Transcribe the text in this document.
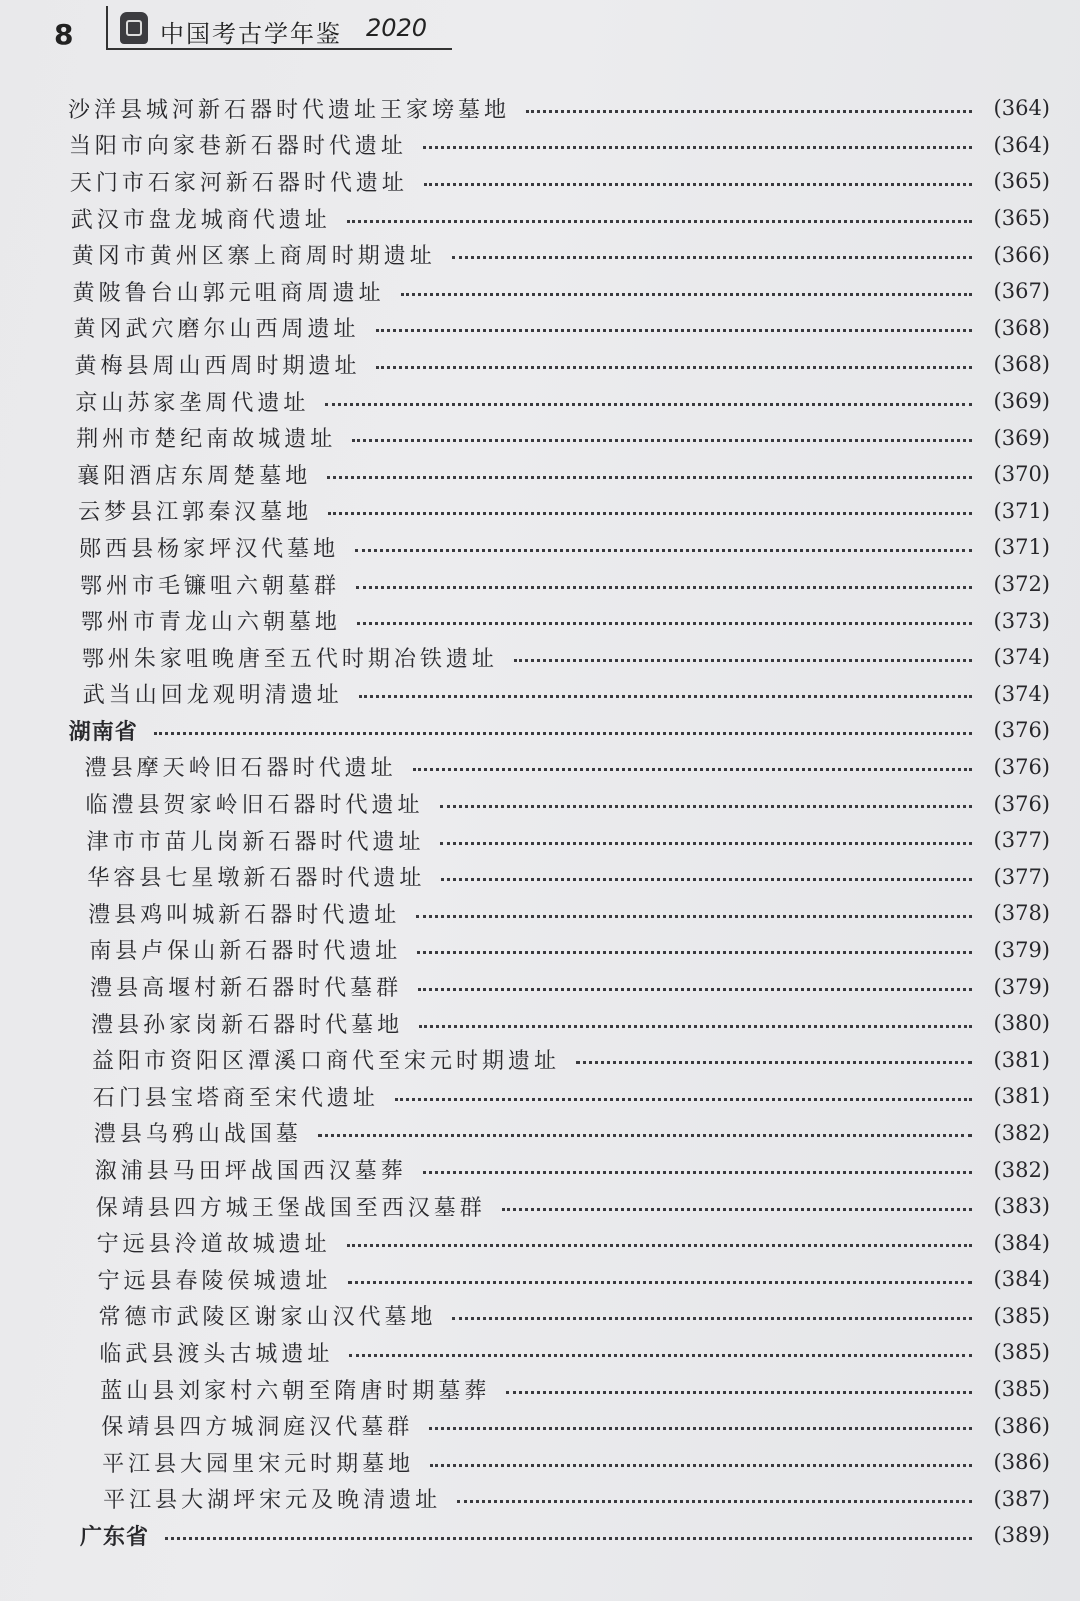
8	中国考古学年鉴 2020
沙洋县城河新石器时代遗址王家塝墓地	(364)
当阳市向家巷新石器时代遗址	(364)
天门市石家河新石器时代遗址	(365)
武汉市盘龙城商代遗址	(365)
黄冈市黄州区寨上商周时期遗址	(366)
黄陂鲁台山郭元咀商周遗址	(367)
黄冈武穴磨尔山西周遗址	(368)
黄梅县周山西周时期遗址	(368)
京山苏家垄周代遗址	(369)
荆州市楚纪南故城遗址	(369)
襄阳酒店东周楚墓地	(370)
云梦县江郭秦汉墓地	(371)
郧西县杨家坪汉代墓地	(371)
鄂州市毛镰咀六朝墓群	(372)
鄂州市青龙山六朝墓地	(373)
鄂州朱家咀晚唐至五代时期冶铁遗址	(374)
武当山回龙观明清遗址	(374)
湖南省	(376)
澧县摩天岭旧石器时代遗址	(376)
临澧县贺家岭旧石器时代遗址	(376)
津市市苗儿岗新石器时代遗址	(377)
华容县七星墩新石器时代遗址	(377)
澧县鸡叫城新石器时代遗址	(378)
南县卢保山新石器时代遗址	(379)
澧县高堰村新石器时代墓群	(379)
澧县孙家岗新石器时代墓地	(380)
益阳市资阳区潭溪口商代至宋元时期遗址	(381)
石门县宝塔商至宋代遗址	(381)
澧县乌鸦山战国墓	(382)
溆浦县马田坪战国西汉墓葬	(382)
保靖县四方城王堡战国至西汉墓群	(383)
宁远县泠道故城遗址	(384)
宁远县春陵侯城遗址	(384)
常德市武陵区谢家山汉代墓地	(385)
临武县渡头古城遗址	(385)
蓝山县刘家村六朝至隋唐时期墓葬	(385)
保靖县四方城洞庭汉代墓群	(386)
平江县大园里宋元时期墓地	(386)
平江县大湖坪宋元及晚清遗址	(387)
广东省	(389)
